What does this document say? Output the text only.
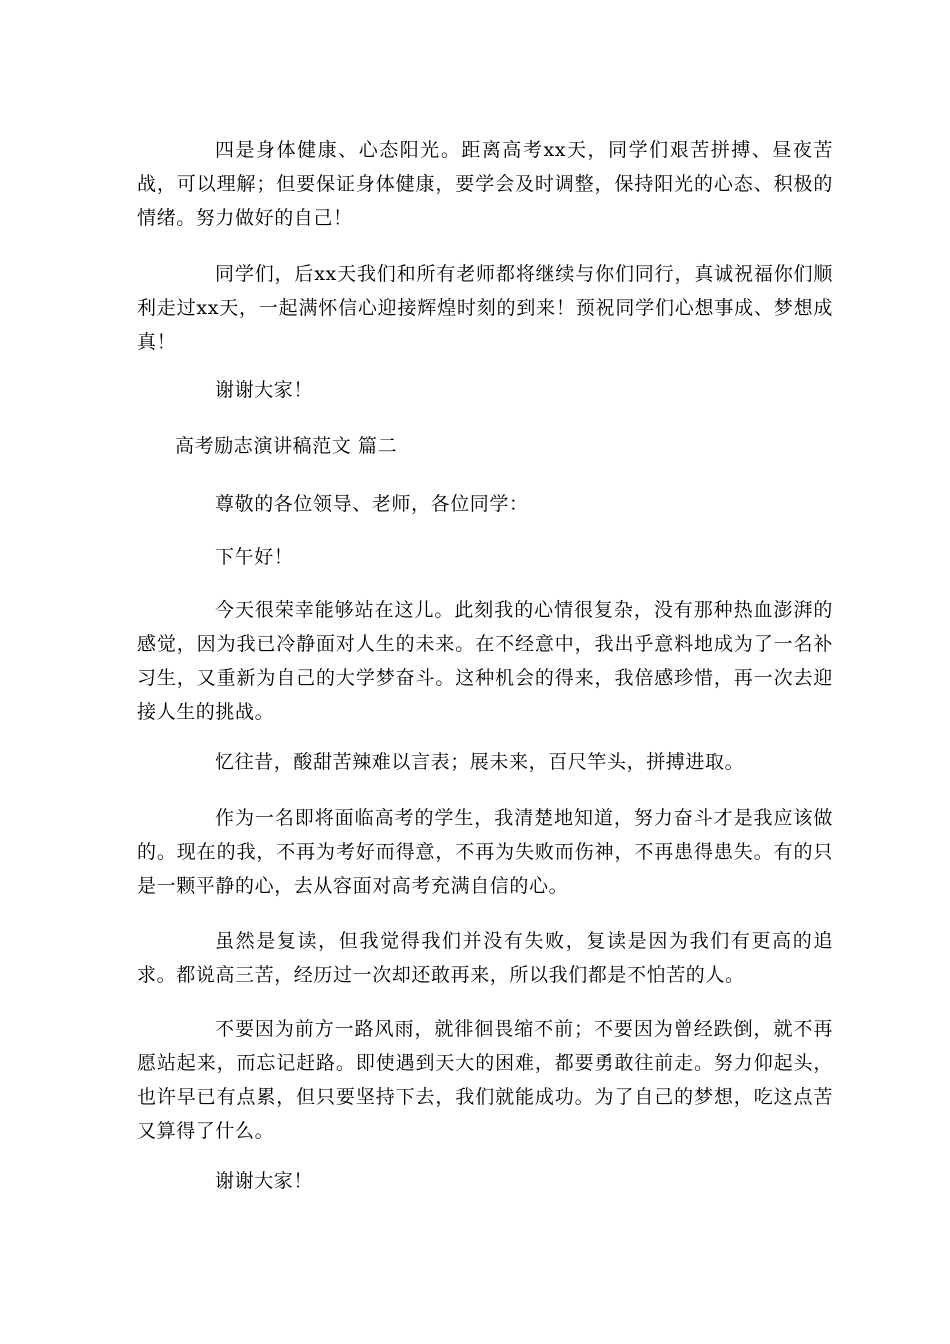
四是身体健康、心态阳光。距离高考xx天，同学们艰苦拼搏、昼夜苦战，可以理解；但要保证身体健康，要学会及时调整，保持阳光的心态、积极的情绪。努力做好的自己！

同学们，后xx天我们和所有老师都将继续与你们同行，真诚祝福你们顺利走过xx天，一起满怀信心迎接辉煌时刻的到来！预祝同学们心想事成、梦想成真！

谢谢大家！

高考励志演讲稿范文 篇二

尊敬的各位领导、老师，各位同学：

下午好！

今天很荣幸能够站在这儿。此刻我的心情很复杂，没有那种热血澎湃的感觉，因为我已冷静面对人生的未来。在不经意中，我出乎意料地成为了一名补习生，又重新为自己的大学梦奋斗。这种机会的得来，我倍感珍惜，再一次去迎接人生的挑战。

忆往昔，酸甜苦辣难以言表；展未来，百尺竿头，拼搏进取。

作为一名即将面临高考的学生，我清楚地知道，努力奋斗才是我应该做的。现在的我，不再为考好而得意，不再为失败而伤神，不再患得患失。有的只是一颗平静的心，去从容面对高考充满自信的心。

虽然是复读，但我觉得我们并没有失败，复读是因为我们有更高的追求。都说高三苦，经历过一次却还敢再来，所以我们都是不怕苦的人。

不要因为前方一路风雨，就徘徊畏缩不前；不要因为曾经跌倒，就不再愿站起来，而忘记赶路。即使遇到天大的困难，都要勇敢往前走。努力仰起头，也许早已有点累，但只要坚持下去，我们就能成功。为了自己的梦想，吃这点苦又算得了什么。

谢谢大家！
